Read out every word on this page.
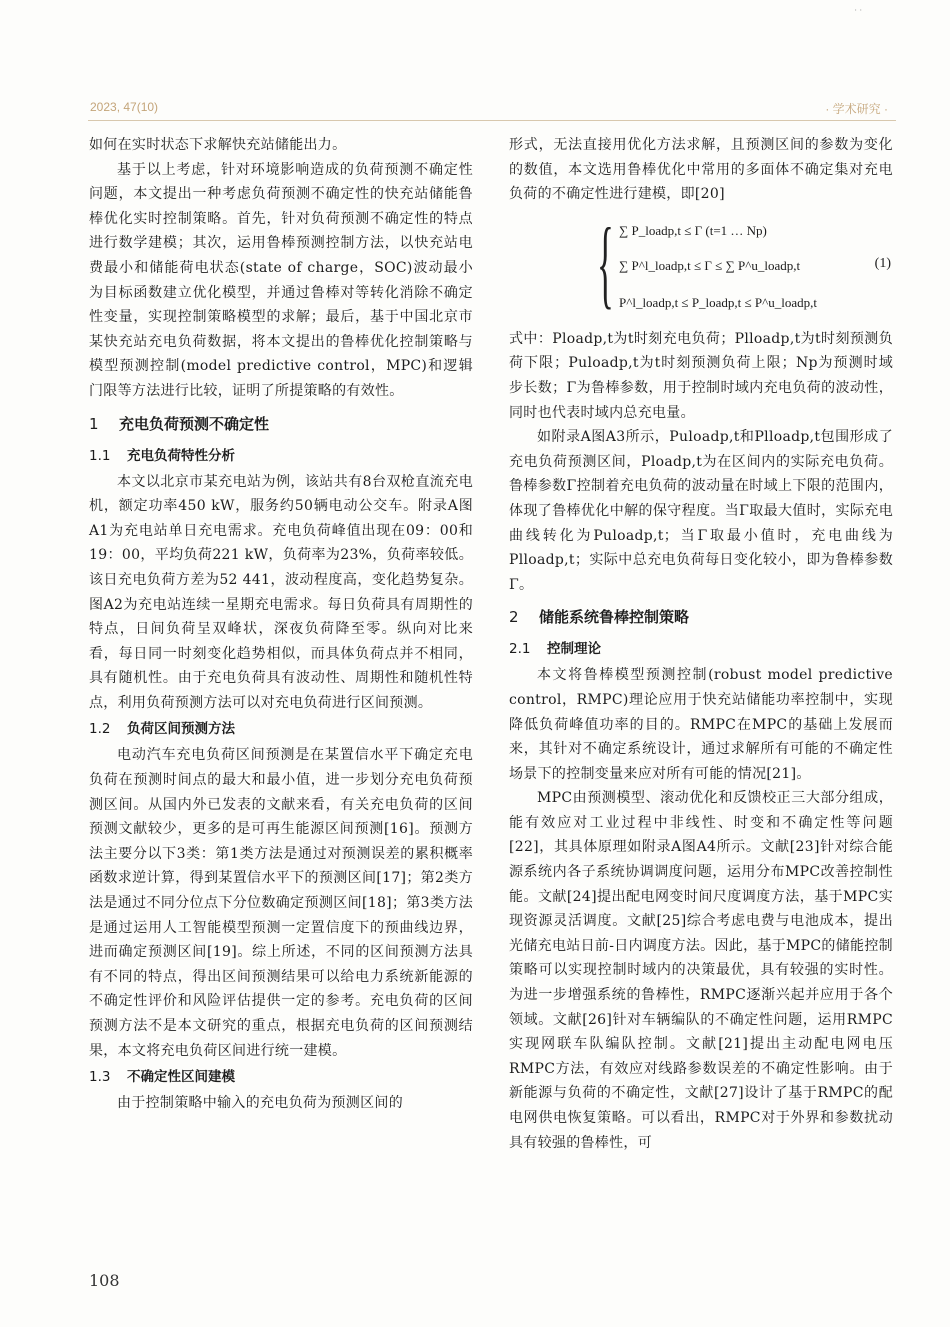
· ·
2023, 47(10)	· 学术研究 ·

如何在实时状态下求解快充站储能出力。

基于以上考虑，针对环境影响造成的负荷预测不确定性问题，本文提出一种考虑负荷预测不确定性的快充站储能鲁棒优化实时控制策略。首先，针对负荷预测不确定性的特点进行数学建模；其次，运用鲁棒预测控制方法，以快充站电费最小和储能荷电状态(state of charge，SOC)波动最小为目标函数建立优化模型，并通过鲁棒对等转化消除不确定性变量，实现控制策略模型的求解；最后，基于中国北京市某快充站充电负荷数据，将本文提出的鲁棒优化控制策略与模型预测控制(model predictive control，MPC)和逻辑门限等方法进行比较，证明了所提策略的有效性。

1 充电负荷预测不确定性
1.1 充电负荷特性分析

本文以北京市某充电站为例，该站共有8台双枪直流充电机，额定功率450 kW，服务约50辆电动公交车。附录A图A1为充电站单日充电需求。充电负荷峰值出现在09：00和19：00，平均负荷221 kW，负荷率为23%，负荷率较低。该日充电负荷方差为52 441，波动程度高，变化趋势复杂。图A2为充电站连续一星期充电需求。每日负荷具有周期性的特点，日间负荷呈双峰状，深夜负荷降至零。纵向对比来看，每日同一时刻变化趋势相似，而具体负荷点并不相同，具有随机性。由于充电负荷具有波动性、周期性和随机性特点，利用负荷预测方法可以对充电负荷进行区间预测。

1.2 负荷区间预测方法

电动汽车充电负荷区间预测是在某置信水平下确定充电负荷在预测时间点的最大和最小值，进一步划分充电负荷预测区间。从国内外已发表的文献来看，有关充电负荷的区间预测文献较少，更多的是可再生能源区间预测[16]。预测方法主要分以下3类：第1类方法是通过对预测误差的累积概率函数求逆计算，得到某置信水平下的预测区间[17]；第2类方法是通过不同分位点下分位数确定预测区间[18]；第3类方法是通过运用人工智能模型预测一定置信度下的预曲线边界，进而确定预测区间[19]。综上所述，不同的区间预测方法具有不同的特点，得出区间预测结果可以给电力系统新能源的不确定性评价和风险评估提供一定的参考。充电负荷的区间预测方法不是本文研究的重点，根据充电负荷的区间预测结果，本文将充电负荷区间进行统一建模。

1.3 不确定性区间建模

由于控制策略中输入的充电负荷为预测区间的

形式，无法直接用优化方法求解，且预测区间的参数为变化的数值，本文选用鲁棒优化中常用的多面体不确定集对充电负荷的不确定性进行建模，即[20]

{ ∑ P_loadp,t ≤ Γ (t=1 … Np)
∑ P^l_loadp,t ≤ Γ ≤ ∑ P^u_loadp,t
P^l_loadp,t ≤ P_loadp,t ≤ P^u_loadp,t
(1)

式中：Ploadp,t为t时刻充电负荷；Plloadp,t为t时刻预测负荷下限；Puloadp,t为t时刻预测负荷上限；Np为预测时域步长数；Γ为鲁棒参数，用于控制时域内充电负荷的波动性，同时也代表时域内总充电量。

如附录A图A3所示，Puloadp,t和Plloadp,t包围形成了充电负荷预测区间，Ploadp,t为在区间内的实际充电负荷。鲁棒参数Γ控制着充电负荷的波动量在时域上下限的范围内，体现了鲁棒优化中解的保守程度。当Γ取最大值时，实际充电曲线转化为Puloadp,t；当Γ取最小值时，充电曲线为Plloadp,t；实际中总充电负荷每日变化较小，即为鲁棒参数Γ。

2 储能系统鲁棒控制策略
2.1 控制理论

本文将鲁棒模型预测控制(robust model predictive control，RMPC)理论应用于快充站储能功率控制中，实现降低负荷峰值功率的目的。RMPC在MPC的基础上发展而来，其针对不确定系统设计，通过求解所有可能的不确定性场景下的控制变量来应对所有可能的情况[21]。

MPC由预测模型、滚动优化和反馈校正三大部分组成，能有效应对工业过程中非线性、时变和不确定性等问题[22]，其具体原理如附录A图A4所示。文献[23]针对综合能源系统内各子系统协调调度问题，运用分布MPC改善控制性能。文献[24]提出配电网变时间尺度调度方法，基于MPC实现资源灵活调度。文献[25]综合考虑电费与电池成本，提出光储充电站日前-日内调度方法。因此，基于MPC的储能控制策略可以实现控制时域内的决策最优，具有较强的实时性。为进一步增强系统的鲁棒性，RMPC逐渐兴起并应用于各个领域。文献[26]针对车辆编队的不确定性问题，运用RMPC实现网联车队编队控制。文献[21]提出主动配电网电压RMPC方法，有效应对线路参数误差的不确定性影响。由于新能源与负荷的不确定性，文献[27]设计了基于RMPC的配电网供电恢复策略。可以看出，RMPC对于外界和参数扰动具有较强的鲁棒性，可

108
